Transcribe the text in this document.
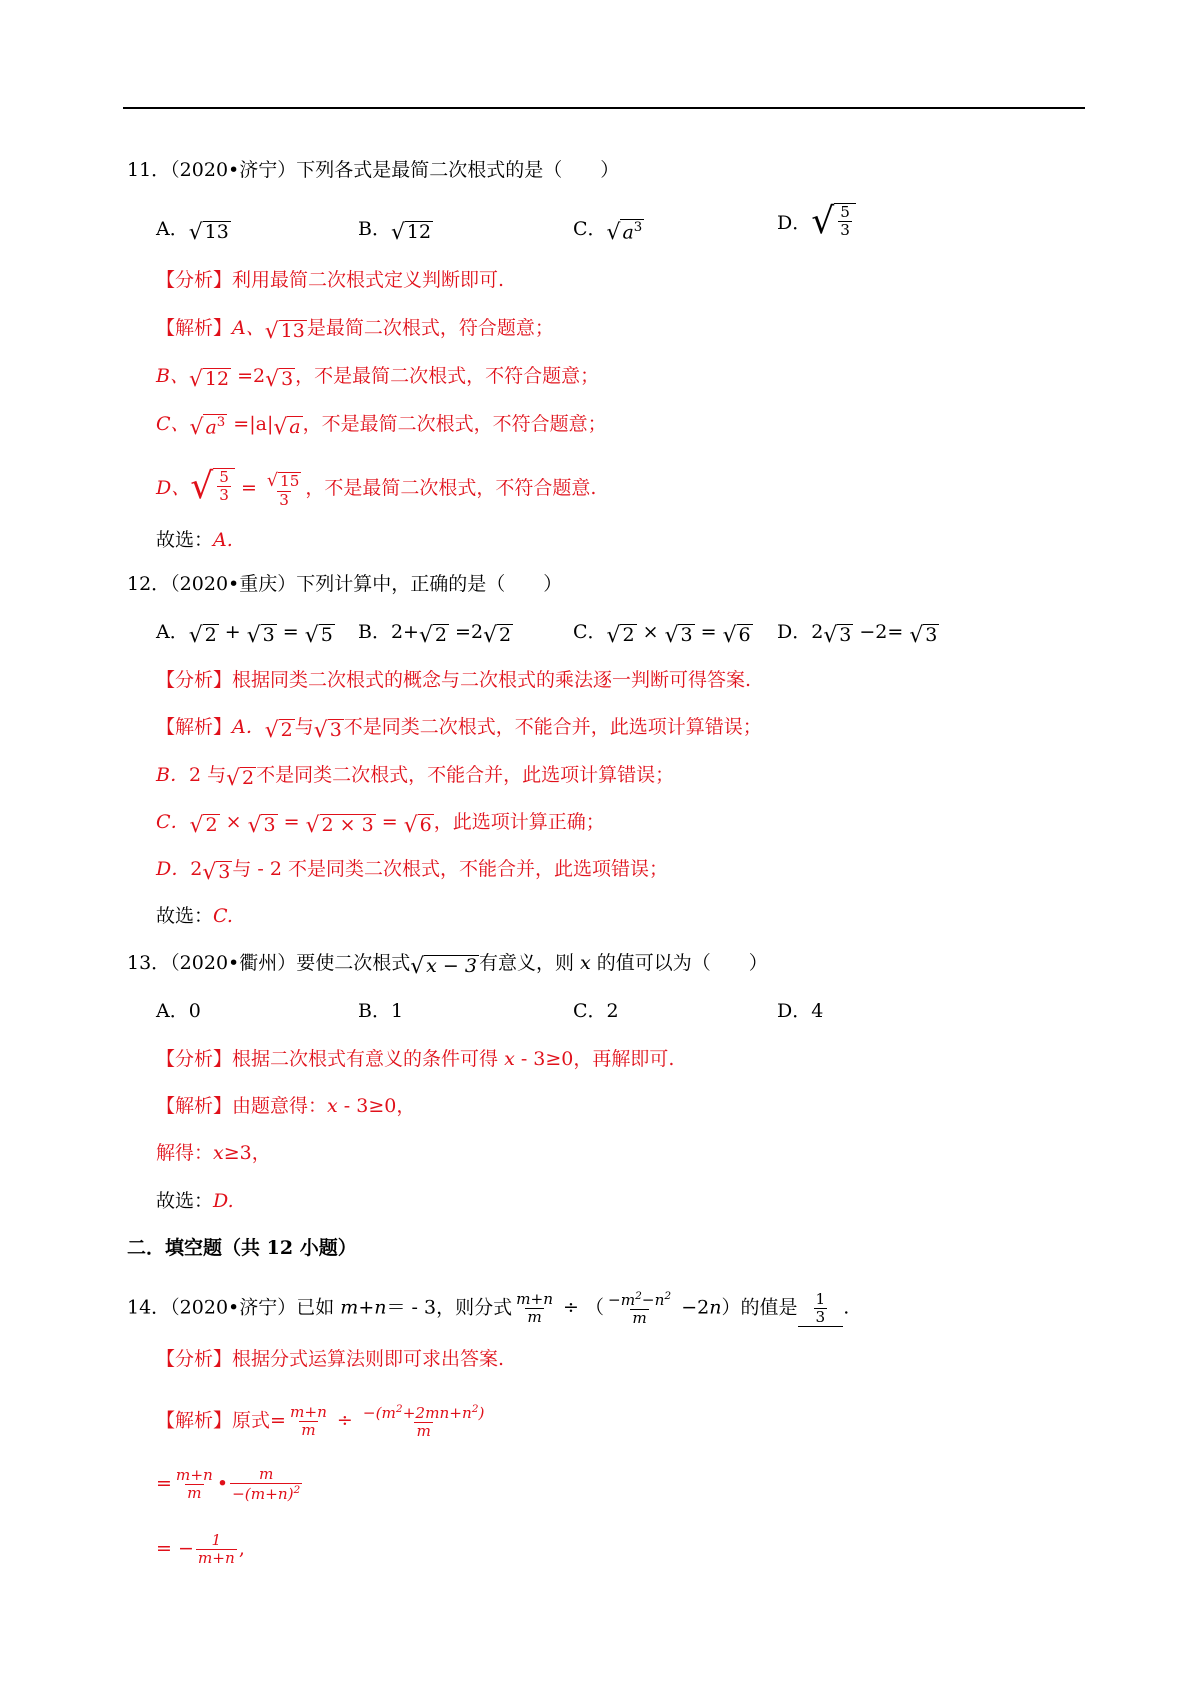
11．（2020•济宁）下列各式是最简二次根式的是（　　）
A． √ 13	B． √ 12	C． √ $a^3$	D． √ $\frac{5}{3}$
【分析】利用最简二次根式定义判断即可.
【解析】A、 √ 13 是最简二次根式，符合题意；
B、 √ 12 =2 √ 3 ，不是最简二次根式，不符合题意；
C、 √ $a^3 =|a|$ √ a ，不是最简二次根式，不符合题意；
D、 √ $\frac{5}{3} = \frac{√ 15}{3}$ ，不是最简二次根式，不符合题意.
故选：A.
12．（2020•重庆）下列计算中，正确的是（　　）
A． √ 2 + √ 3 = √ 5 B．2+ √ 2 =2 √ 2	C． √ 2 × √ 3 = √ 6 D．2 √ 3 −2= √ 3
【分析】根据同类二次根式的概念与二次根式的乘法逐一判断可得答案.
【解析】A． √ 2 与 √ 3 不是同类二次根式，不能合并，此选项计算错误；
B．2 与 √ 2 不是同类二次根式，不能合并，此选项计算错误；
C． √ 2 × √ 3 = √ 2 × 3 = √ 6 ，此选项计算正确；
D．2 √ 3 与 - 2 不是同类二次根式，不能合并，此选项错误；
故选：C.
13．（2020•衢州）要使二次根式 √ x − 3 有意义，则 x 的值可以为（　　）
A．0	B．1	C．2	D．4
【分析】根据二次根式有意义的条件可得 x - 3≥0，再解即可.
【解析】由题意得：x - 3≥0，
解得：x≥3，
故选：D.
二．填空题（共 12 小题）
14．（2020•济宁）已如 m+n＝ - 3，则分式 $\frac{m+n}{m}$ ÷ （ $\frac{-m^2-n^2}{m} -2n$）的值是 $\frac{1}{3}$ .
【分析】根据分式运算法则即可求出答案.
【解析】原式= $\frac{m+n}{m} \div \frac{-(m^2+2mn+n^2)}{m}$
= $\frac{m+n}{m}$ • $\frac{m}{-(m+n)^2}$
= − $\frac{1}{m+n}$ ,
